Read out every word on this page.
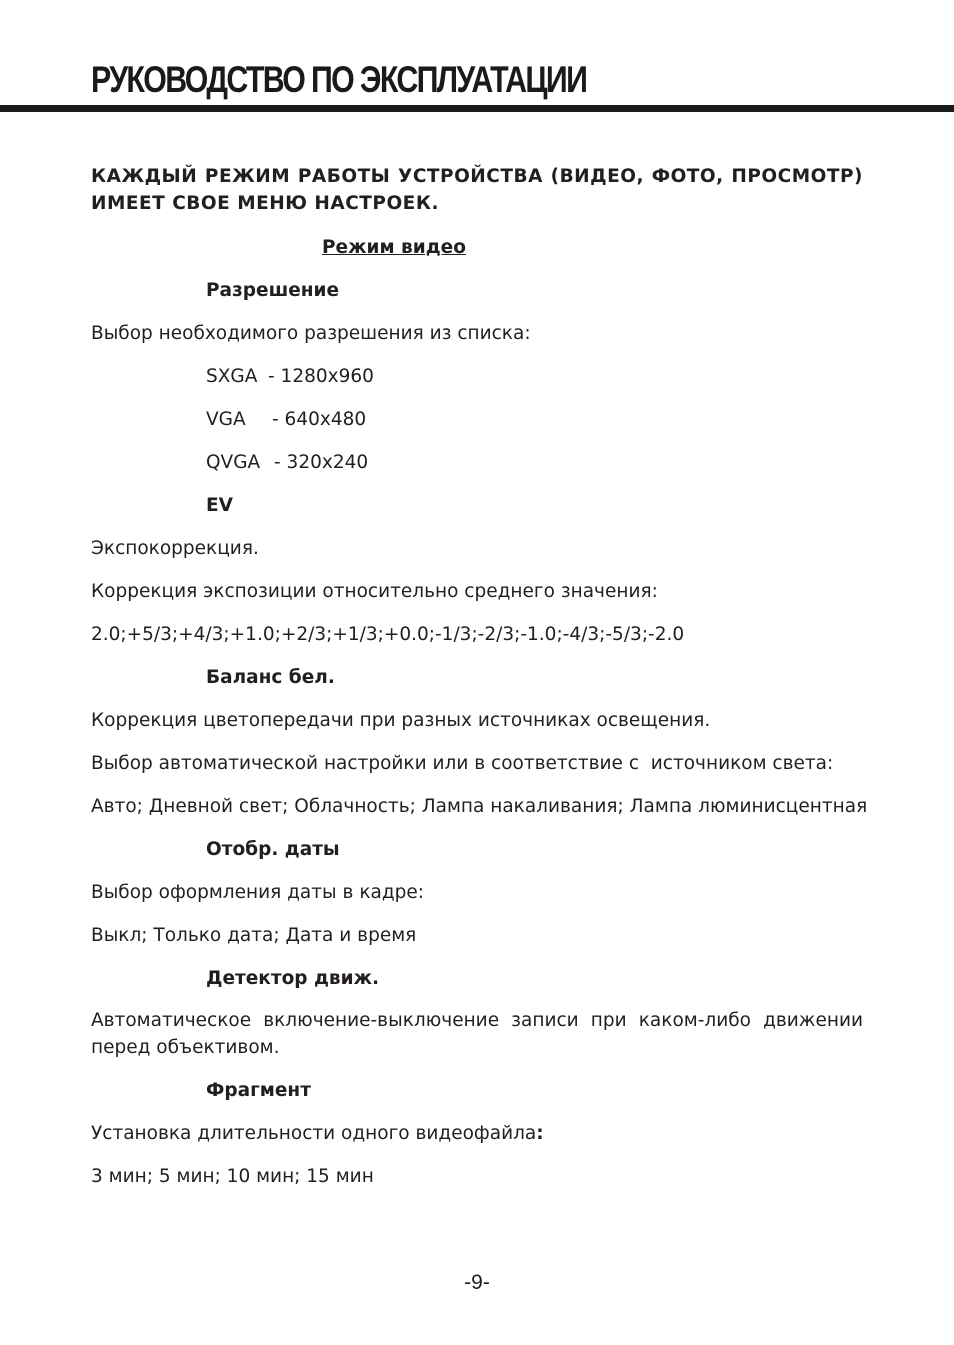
РУКОВОДСТВО ПО ЭКСПЛУАТАЦИИ
КАЖДЫЙ РЕЖИМ РАБОТЫ УСТРОЙСТВА (ВИДЕО, ФОТО, ПРОСМОТР) ИМЕЕТ СВОЕ МЕНЮ НАСТРОЕК.
Режим видео
Разрешение
Выбор необходимого разрешения из списка:
SXGA - 1280x960
VGA - 640x480
QVGA - 320x240
EV
Экспокоррекция.
Коррекция экспозиции относительно среднего значения:
2.0;+5/3;+4/3;+1.0;+2/3;+1/3;+0.0;-1/3;-2/3;-1.0;-4/3;-5/3;-2.0
Баланс бел.
Коррекция цветопередачи при разных источниках освещения.
Выбор автоматической настройки или в соответствие с  источником света:
Авто; Дневной свет; Облачность; Лампа накаливания; Лампа люминисцентная
Отобр. даты
Выбор оформления даты в кадре:
Выкл; Только дата; Дата и время
Детектор движ.
Автоматическое включение-выключение записи при каком-либо движении перед объективом.
Фрагмент
Установка длительности одного видеофайла:
3 мин; 5 мин; 10 мин; 15 мин
-9-
